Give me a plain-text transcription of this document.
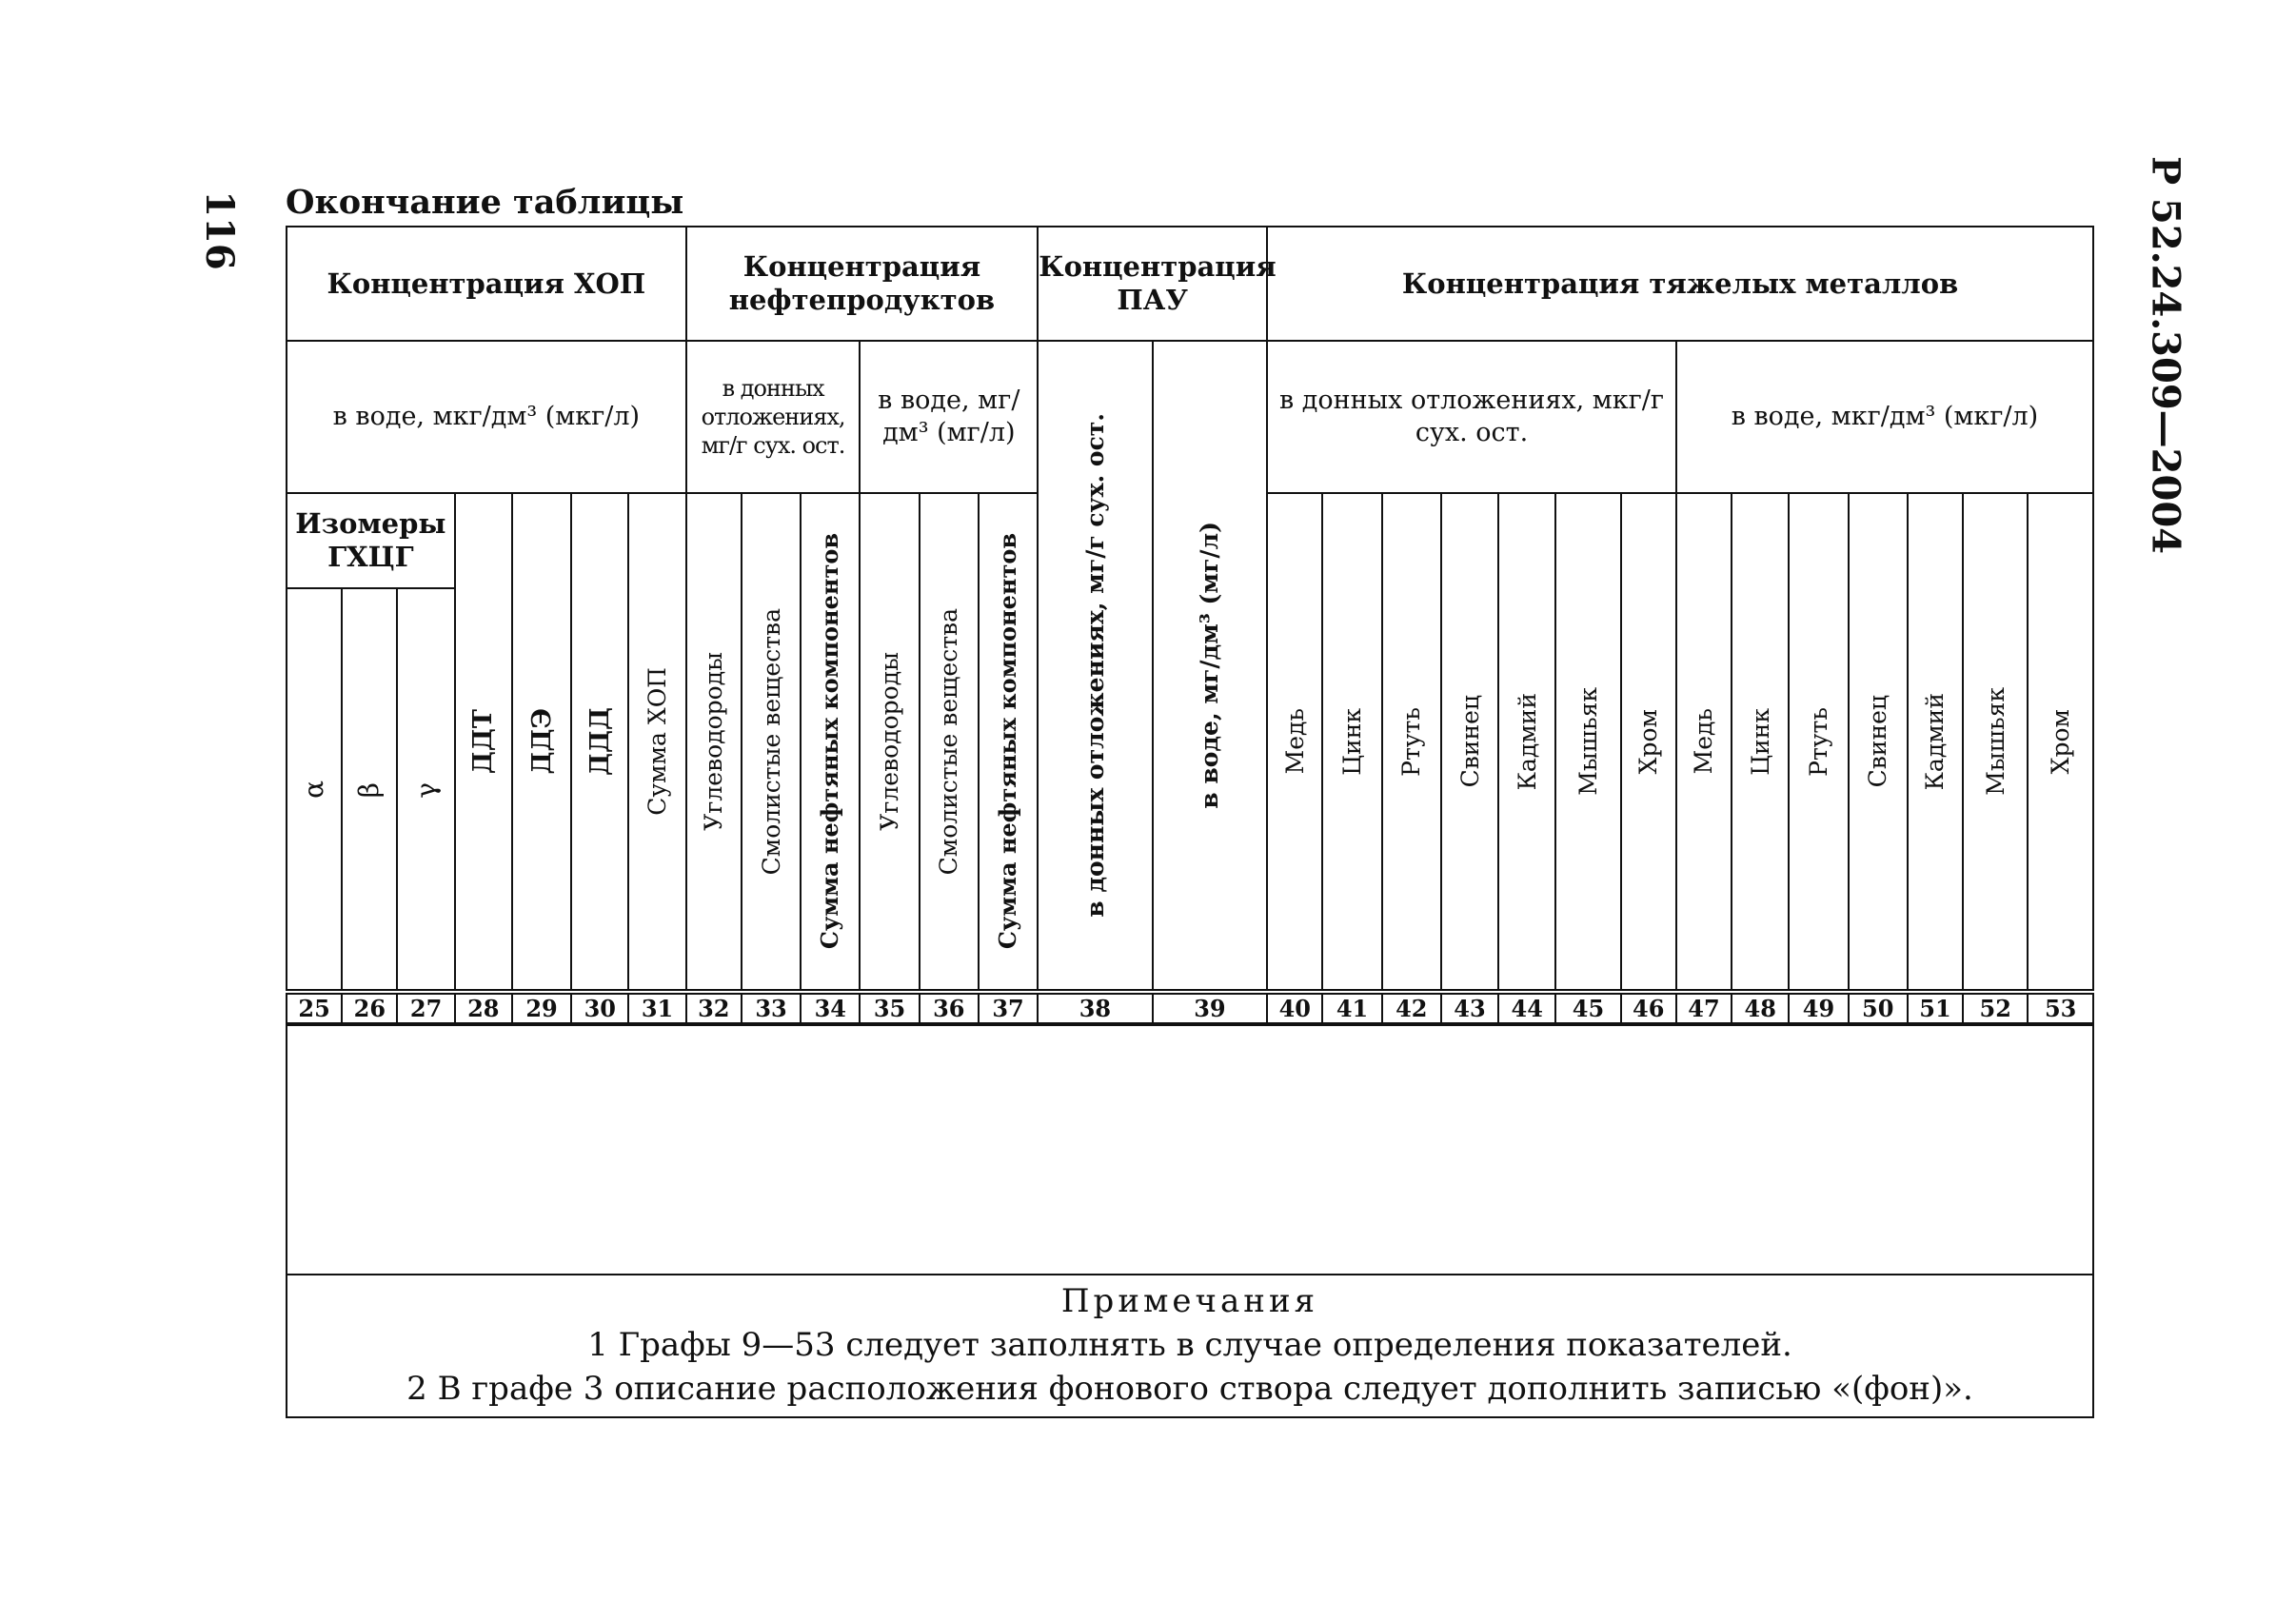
116	Р 52.24.309—2004
Окончание таблицы
Концентрация ХОП							Концентрация нефтепродуктов						Концентрация ПАУ		Концентрация тяжелых металлов													
в воде, мкг/дм³ (мкг/л)							в донных отложениях, мг/г сух. ост.			в воде, мг/дм³ (мг/л)			в донных отложениях, мг/г сух. ост.	в воде, мг/дм³ (мг/л)	в донных отложениях, мкг/г сух. ост.							в воде, мкг/дм³ (мкг/л)						
Изомеры ГХЦГ			ДДТ	ДДЭ	ДДД	Сумма ХОП	Углеводороды	Смолистые вещества	Сумма нефтяных компонентов	Углеводороды	Смолистые вещества	Сумма нефтяных компонентов			Медь	Цинк	Ртуть	Свинец	Кадмий	Мышьяк	Хром	Медь	Цинк	Ртуть	Свинец	Кадмий	Мышьяк	Хром
α	β	γ																										
25	26	27	28	29	30	31	32	33	34	35	36	37	38	39	40	41	42	43	44	45	46	47	48	49	50	51	52	53

Примечания
1 Графы 9—53 следует заполнять в случае определения показателей.
2 В графе 3 описание расположения фонового створа следует дополнить записью «(фон)».																												
